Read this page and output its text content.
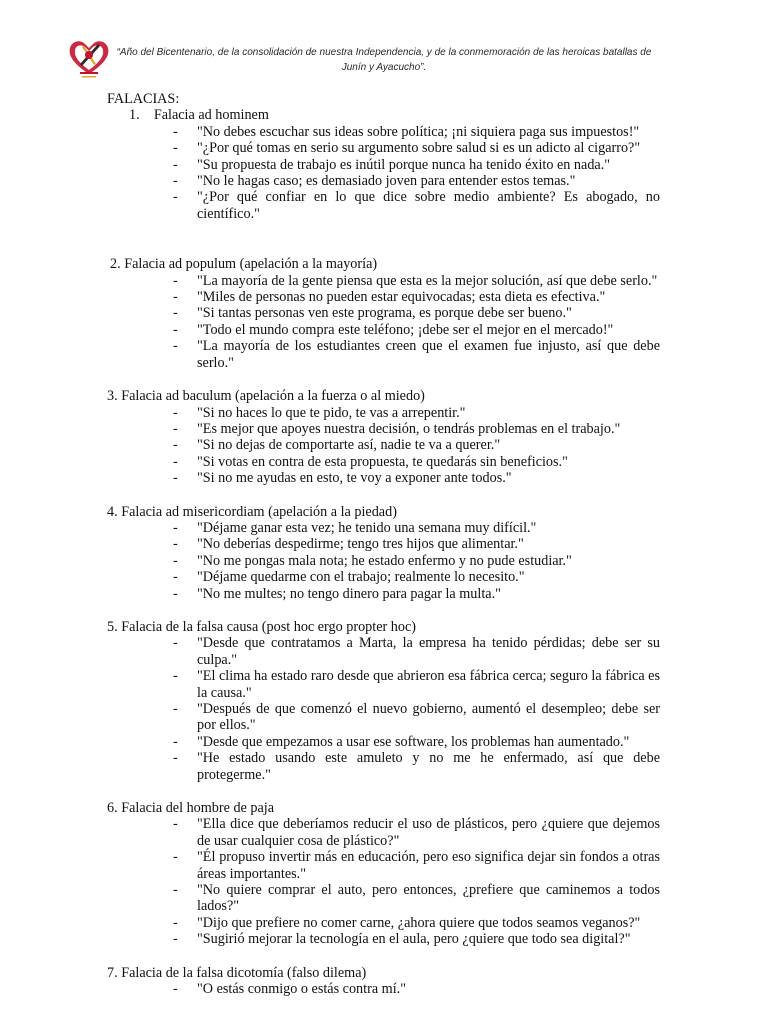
“Año del Bicentenario, de la consolidación de nuestra Independencia, y de la conmemoración de las heroicas batallas de Junín y Ayacucho”.
FALACIAS:
1.    Falacia ad hominem
- "No debes escuchar sus ideas sobre política; ¡ni siquiera paga sus impuestos!"
- "¿Por qué tomas en serio su argumento sobre salud si es un adicto al cigarro?"
- "Su propuesta de trabajo es inútil porque nunca ha tenido éxito en nada."
- "No le hagas caso; es demasiado joven para entender estos temas."
- "¿Por qué confiar en lo que dice sobre medio ambiente? Es abogado, no científico."
2. Falacia ad populum (apelación a la mayoría)
- "La mayoría de la gente piensa que esta es la mejor solución, así que debe serlo."
- "Miles de personas no pueden estar equivocadas; esta dieta es efectiva."
- "Si tantas personas ven este programa, es porque debe ser bueno."
- "Todo el mundo compra este teléfono; ¡debe ser el mejor en el mercado!"
- "La mayoría de los estudiantes creen que el examen fue injusto, así que debe serlo."
3. Falacia ad baculum (apelación a la fuerza o al miedo)
- "Si no haces lo que te pido, te vas a arrepentir."
- "Es mejor que apoyes nuestra decisión, o tendrás problemas en el trabajo."
- "Si no dejas de comportarte así, nadie te va a querer."
- "Si votas en contra de esta propuesta, te quedarás sin beneficios."
- "Si no me ayudas en esto, te voy a exponer ante todos."
4. Falacia ad misericordiam (apelación a la piedad)
- "Déjame ganar esta vez; he tenido una semana muy difícil."
- "No deberías despedirme; tengo tres hijos que alimentar."
- "No me pongas mala nota; he estado enfermo y no pude estudiar."
- "Déjame quedarme con el trabajo; realmente lo necesito."
- "No me multes; no tengo dinero para pagar la multa."
5. Falacia de la falsa causa (post hoc ergo propter hoc)
- "Desde que contratamos a Marta, la empresa ha tenido pérdidas; debe ser su culpa."
- "El clima ha estado raro desde que abrieron esa fábrica cerca; seguro la fábrica es la causa."
- "Después de que comenzó el nuevo gobierno, aumentó el desempleo; debe ser por ellos."
- "Desde que empezamos a usar ese software, los problemas han aumentado."
- "He estado usando este amuleto y no me he enfermado, así que debe protegerme."
6. Falacia del hombre de paja
- "Ella dice que deberíamos reducir el uso de plásticos, pero ¿quiere que dejemos de usar cualquier cosa de plástico?"
- "Él propuso invertir más en educación, pero eso significa dejar sin fondos a otras áreas importantes."
- "No quiere comprar el auto, pero entonces, ¿prefiere que caminemos a todos lados?"
- "Dijo que prefiere no comer carne, ¿ahora quiere que todos seamos veganos?"
- "Sugirió mejorar la tecnología en el aula, pero ¿quiere que todo sea digital?"
7. Falacia de la falsa dicotomía (falso dilema)
- "O estás conmigo o estás contra mí."
